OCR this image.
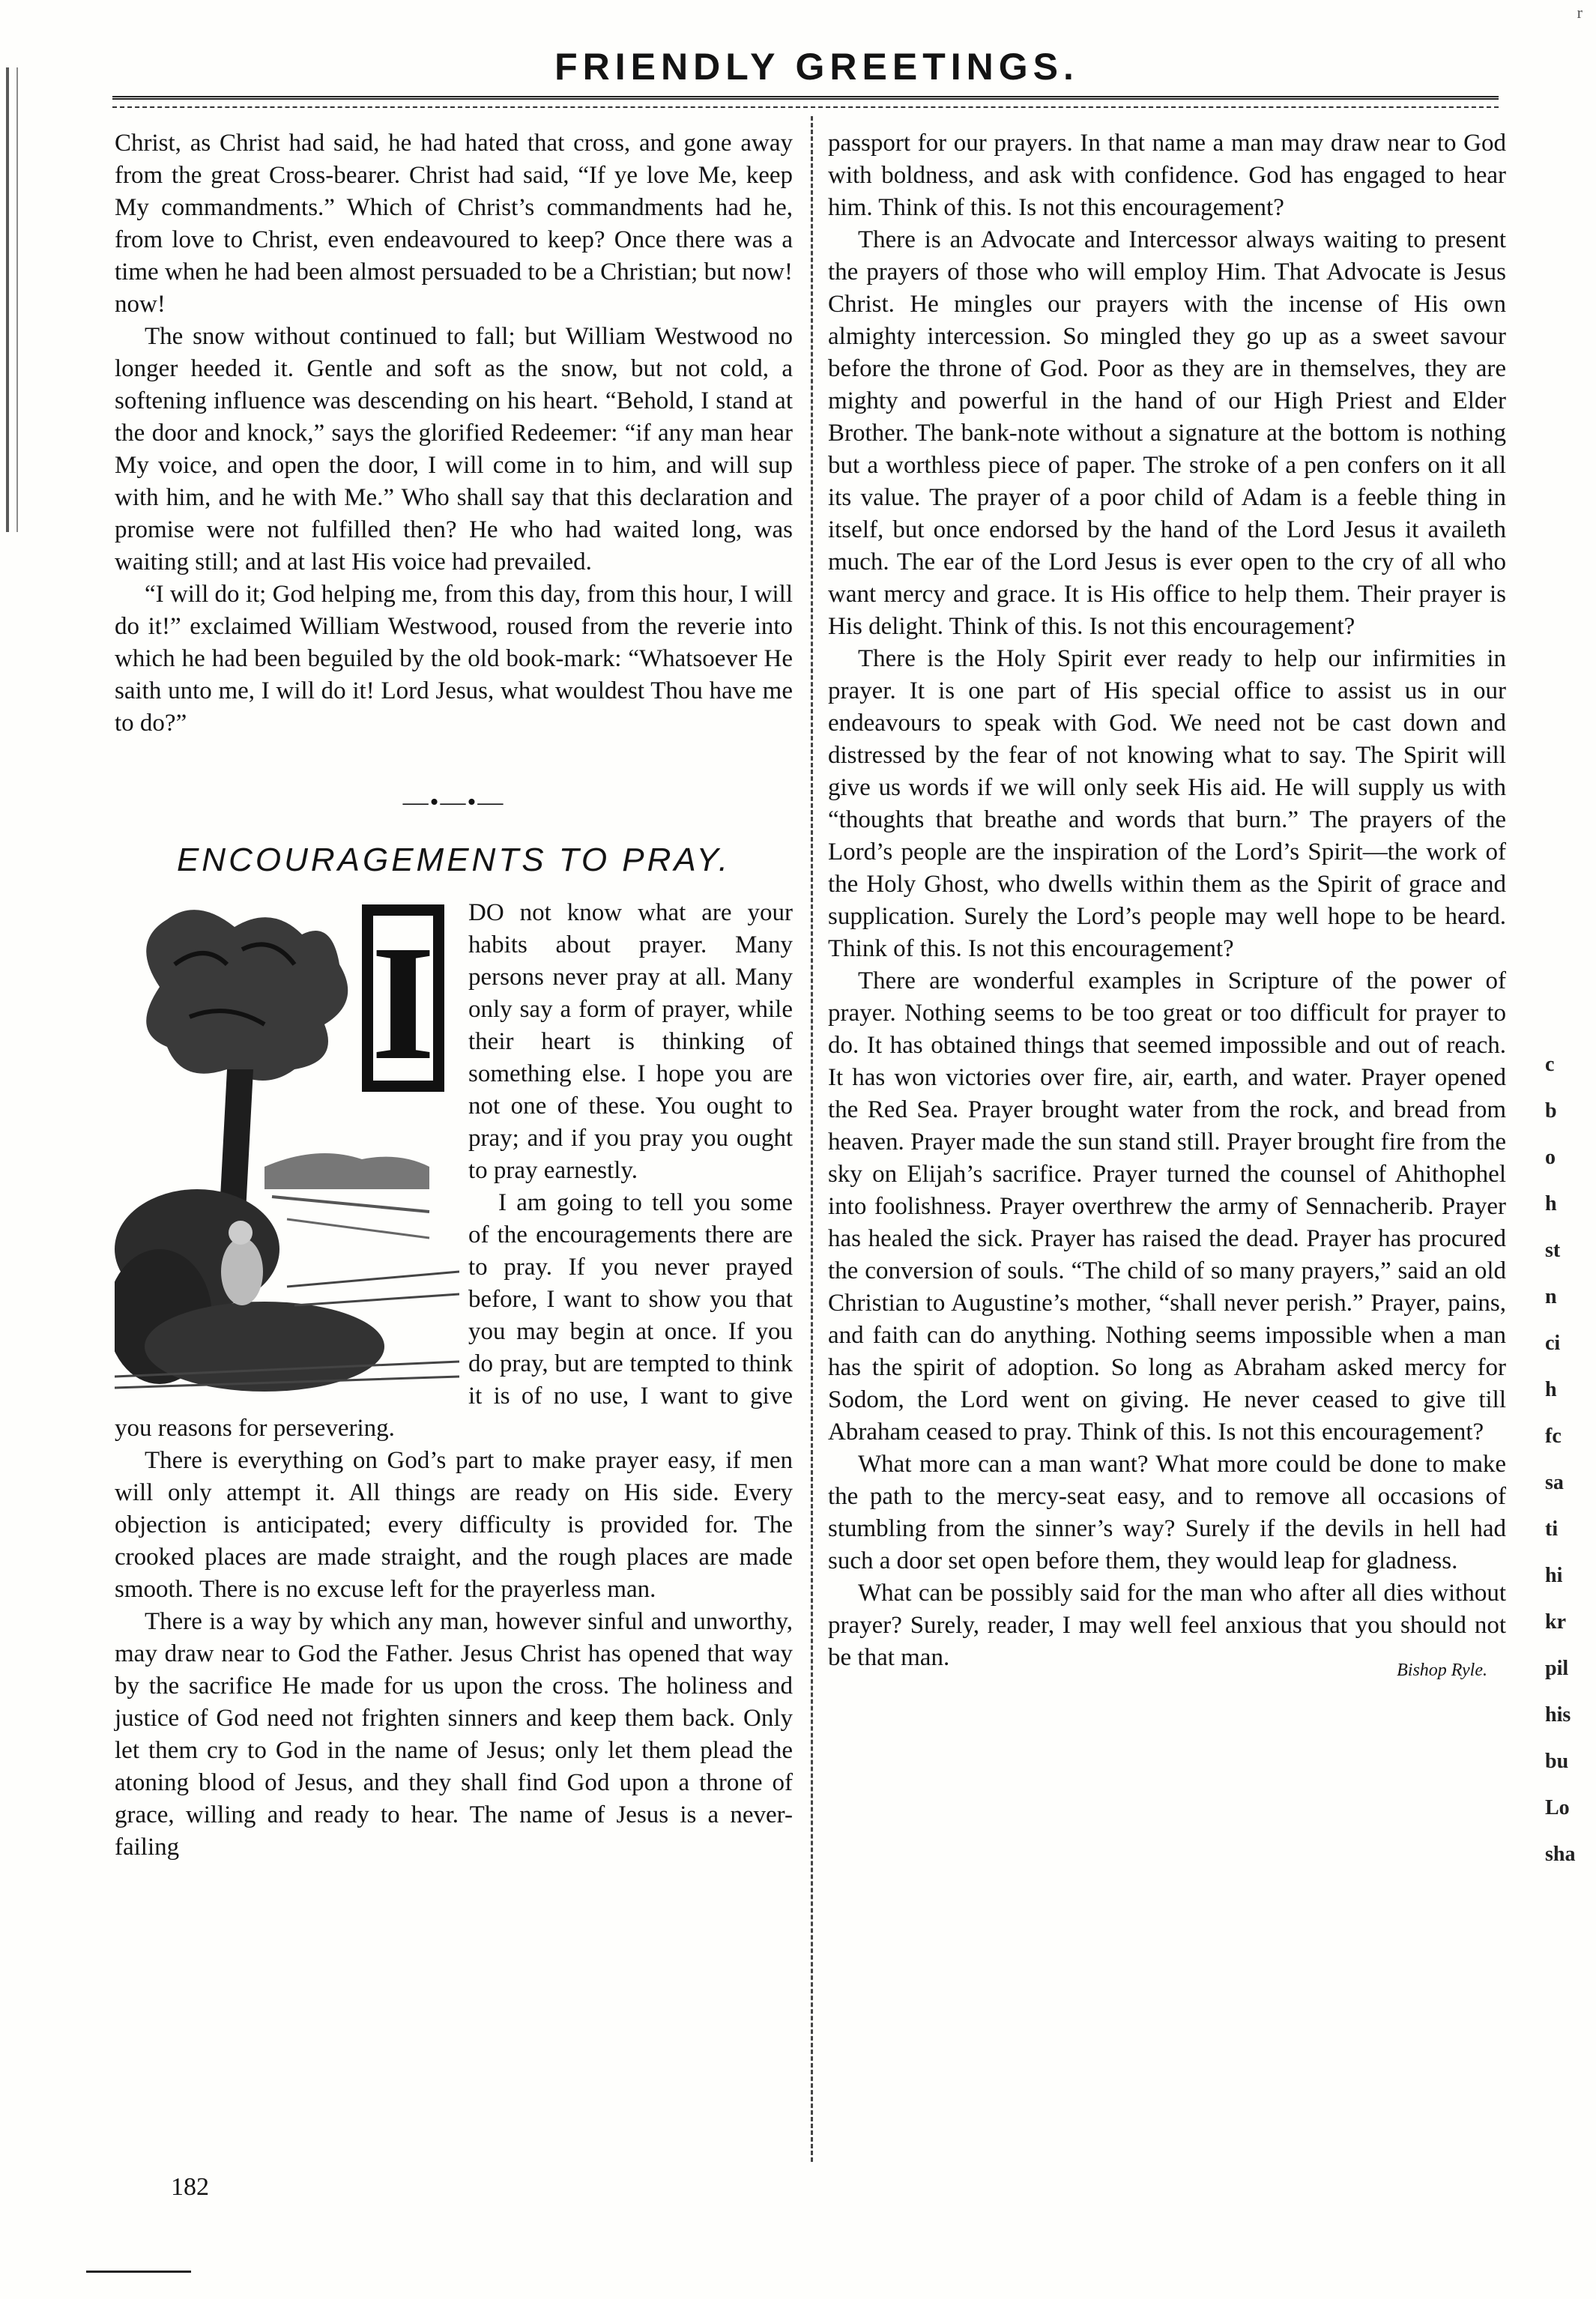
r
FRIENDLY GREETINGS.

Christ, as Christ had said, he had hated that cross, and gone away from the great Cross-bearer. Christ had said, “If ye love Me, keep My commandments.” Which of Christ’s commandments had he, from love to Christ, even endeavoured to keep? Once there was a time when he had been almost persuaded to be a Christian; but now! now!

The snow without continued to fall; but William Westwood no longer heeded it. Gentle and soft as the snow, but not cold, a softening influence was descending on his heart. “Behold, I stand at the door and knock,” says the glorified Redeemer: “if any man hear My voice, and open the door, I will come in to him, and will sup with him, and he with Me.” Who shall say that this declaration and promise were not fulfilled then? He who had waited long, was waiting still; and at last His voice had prevailed.

“I will do it; God helping me, from this day, from this hour, I will do it!” exclaimed William Westwood, roused from the reverie into which he had been beguiled by the old book-mark: “Whatsoever He saith unto me, I will do it! Lord Jesus, what wouldest Thou have me to do?”

—•—•—
ENCOURAGEMENTS TO PRAY.
I	DO not know what are your habits about prayer. Many persons never pray at all. Many only say a form of prayer, while their heart is thinking of something else. I hope you are not one of these. You ought to pray; and if you pray you ought to pray earnestly.

I am going to tell you some of the encouragements there are to pray. If you never prayed before, I want to show you that you may begin at once. If you do pray, but are tempted to think it is of no use, I want to give you reasons for persevering.

There is everything on God’s part to make prayer easy, if men will only attempt it. All things are ready on His side. Every objection is anticipated; every difficulty is provided for. The crooked places are made straight, and the rough places are made smooth. There is no excuse left for the prayerless man.

There is a way by which any man, however sinful and unworthy, may draw near to God the Father. Jesus Christ has opened that way by the sacrifice He made for us upon the cross. The holiness and justice of God need not frighten sinners and keep them back. Only let them cry to God in the name of Jesus; only let them plead the atoning blood of Jesus, and they shall find God upon a throne of grace, willing and ready to hear. The name of Jesus is a never-failing

passport for our prayers. In that name a man may draw near to God with boldness, and ask with confidence. God has engaged to hear him. Think of this. Is not this encouragement?

There is an Advocate and Intercessor always waiting to present the prayers of those who will employ Him. That Advocate is Jesus Christ. He mingles our prayers with the incense of His own almighty intercession. So mingled they go up as a sweet savour before the throne of God. Poor as they are in themselves, they are mighty and powerful in the hand of our High Priest and Elder Brother. The bank-note without a signature at the bottom is nothing but a worthless piece of paper. The stroke of a pen confers on it all its value. The prayer of a poor child of Adam is a feeble thing in itself, but once endorsed by the hand of the Lord Jesus it availeth much. The ear of the Lord Jesus is ever open to the cry of all who want mercy and grace. It is His office to help them. Their prayer is His delight. Think of this. Is not this encouragement?

There is the Holy Spirit ever ready to help our infirmities in prayer. It is one part of His special office to assist us in our endeavours to speak with God. We need not be cast down and distressed by the fear of not knowing what to say. The Spirit will give us words if we will only seek His aid. He will supply us with “thoughts that breathe and words that burn.” The prayers of the Lord’s people are the inspiration of the Lord’s Spirit—the work of the Holy Ghost, who dwells within them as the Spirit of grace and supplication. Surely the Lord’s people may well hope to be heard. Think of this. Is not this encouragement?

There are wonderful examples in Scripture of the power of prayer. Nothing seems to be too great or too difficult for prayer to do. It has obtained things that seemed impossible and out of reach. It has won victories over fire, air, earth, and water. Prayer opened the Red Sea. Prayer brought water from the rock, and bread from heaven. Prayer made the sun stand still. Prayer brought fire from the sky on Elijah’s sacrifice. Prayer turned the counsel of Ahithophel into foolishness. Prayer overthrew the army of Sennacherib. Prayer has healed the sick. Prayer has raised the dead. Prayer has procured the conversion of souls. “The child of so many prayers,” said an old Christian to Augustine’s mother, “shall never perish.” Prayer, pains, and faith can do anything. Nothing seems impossible when a man has the spirit of adoption. So long as Abraham asked mercy for Sodom, the Lord went on giving. He never ceased to give till Abraham ceased to pray. Think of this. Is not this encouragement?

What more can a man want? What more could be done to make the path to the mercy-seat easy, and to remove all occasions of stumbling from the sinner’s way? Surely if the devils in hell had such a door set open before them, they would leap for gladness.

What can be possibly said for the man who after all dies without prayer? Surely, reader, I may well feel anxious that you should not be that man.	Bishop Ryle.
182
c
b
o
h
st
n
ci
h
fc
sa
ti
hi
kr
pil
his
bu
Lo
sha
